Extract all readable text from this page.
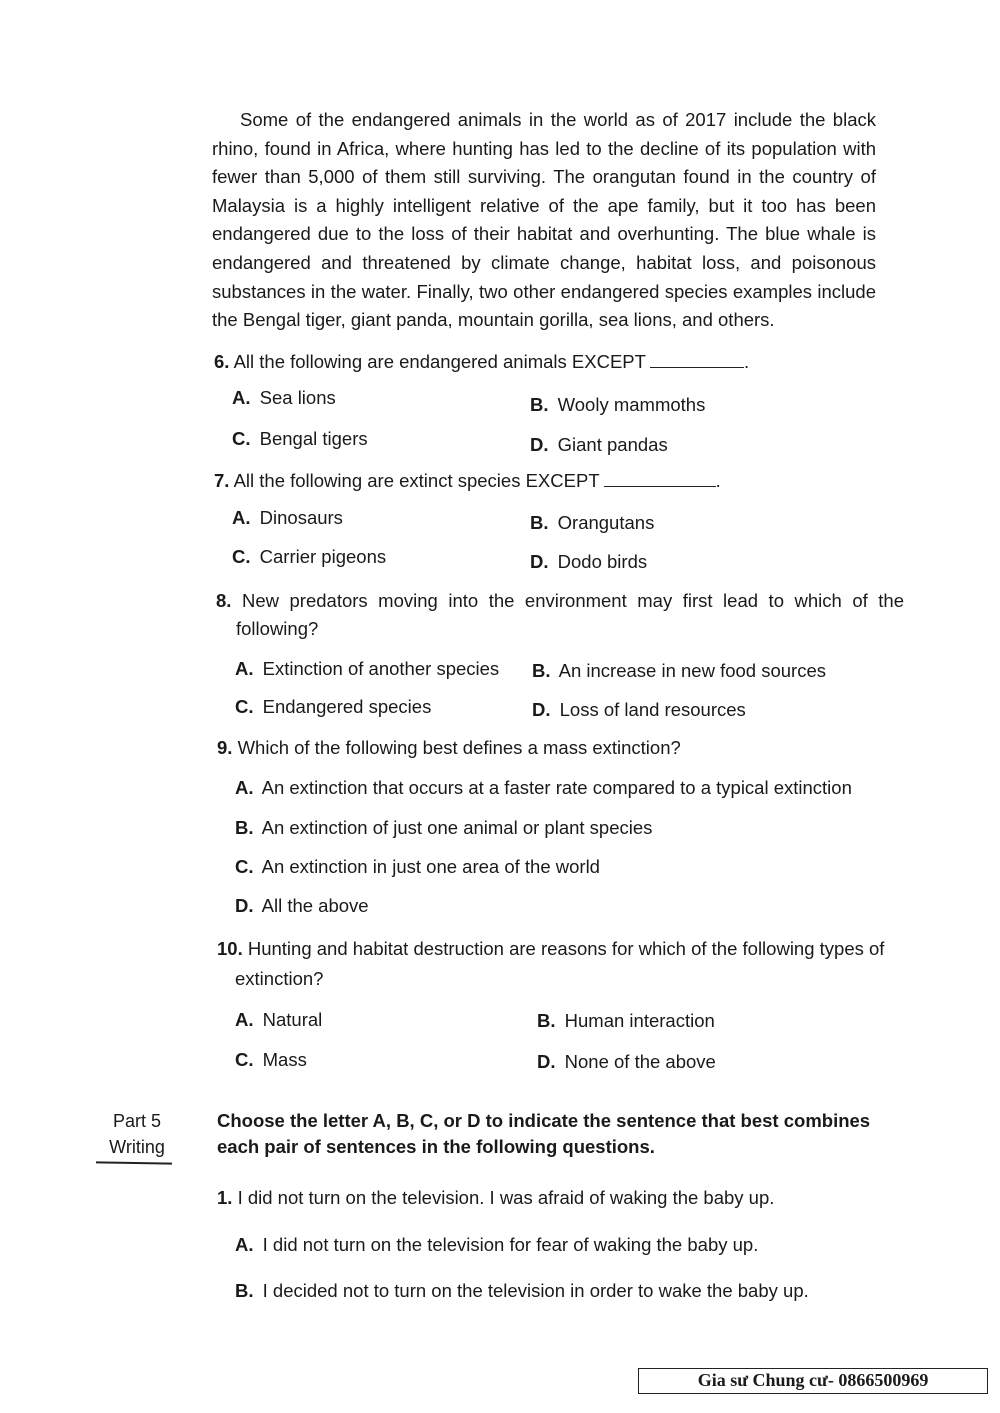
Some of the endangered animals in the world as of 2017 include the black rhino, found in Africa, where hunting has led to the decline of its population with fewer than 5,000 of them still surviving. The orangutan found in the country of Malaysia is a highly intelligent relative of the ape family, but it too has been endangered due to the loss of their habitat and overhunting. The blue whale is endangered and threatened by climate change, habitat loss, and poisonous substances in the water. Finally, two other endangered species examples include the Bengal tiger, giant panda, mountain gorilla, sea lions, and others.
6. All the following are endangered animals EXCEPT	.
A. Sea lions	B. Wooly mammoths
C. Bengal tigers	D. Giant pandas
7. All the following are extinct species EXCEPT	.
A. Dinosaurs	B. Orangutans
C. Carrier pigeons	D. Dodo birds
8. New predators moving into the environment may first lead to which of the following?
A. Extinction of another species B. An increase in new food sources
C. Endangered species	D. Loss of land resources
9. Which of the following best defines a mass extinction?
A. An extinction that occurs at a faster rate compared to a typical extinction
B. An extinction of just one animal or plant species
C. An extinction in just one area of the world
D. All the above
10. Hunting and habitat destruction are reasons for which of the following types of extinction?
A. Natural	B. Human interaction
C. Mass	D. None of the above
Part 5
Writing
Choose the letter A, B, C, or D to indicate the sentence that best combines each pair of sentences in the following questions.
1. I did not turn on the television. I was afraid of waking the baby up.
A. I did not turn on the television for fear of waking the baby up.
B. I decided not to turn on the television in order to wake the baby up.
Gia sư Chung cư- 0866500969
